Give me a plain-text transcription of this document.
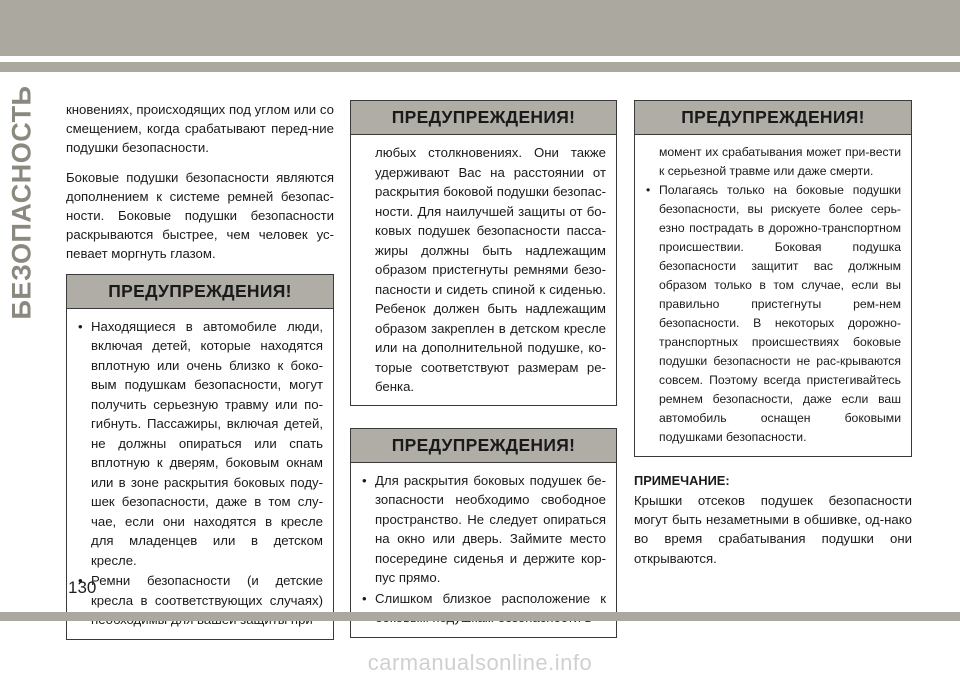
БЕЗОПАСНОСТЬ кновениях, происходящих под углом или со смещением, когда срабатывают перед-ние подушки безопасности.

Боковые подушки безопасности являются дополнением к системе ремней безопас-ности. Боковые подушки безопасности раскрываются быстрее, чем человек ус-певает моргнуть глазом.

ПРЕДУПРЕЖДЕНИЯ!
• Находящиеся в автомобиле люди, включая детей, которые находятся вплотную или очень близко к боко-вым подушкам безопасности, могут получить серьезную травму или по-гибнуть. Пассажиры, включая детей, не должны опираться или спать вплотную к дверям, боковым окнам или в зоне раскрытия боковых поду-шек безопасности, даже в том слу-чае, если они находятся в кресле для младенцев или в детском кресле.
• Ремни безопасности (и детские кресла в соответствующих случаях)
ПРЕДУПРЕЖДЕНИЯ!
любых столкновениях. Они также удерживают Вас на расстоянии от раскрытия боковой подушки безопас-ности. Для наилучшей защиты от бо-ковых подушек безопасности пасса-жиры должны быть надлежащим образом пристегнуты ремнями безо-пасности и сидеть спиной к сиденью. Ребенок должен быть надлежащим образом закреплен в детском кресле или на дополнительной подушке, ко-торые соответствуют размерам ре-бенка.
ПРЕДУПРЕЖДЕНИЯ!
• Для раскрытия боковых подушек бе-зопасности необходимо свободное пространство. Не следует опираться на окно или дверь. Займите место посередине сиденья и держите кор-пус прямо.
• Слишком близкое расположение к
ПРЕДУПРЕЖДЕНИЯ!
момент их срабатывания может при-вести к серьезной травме или даже смерти.
• Полагаясь только на боковые подушки безопасности, вы рискуете более серь-езно пострадать в дорожно-транспортном происшествии. Боковая подушка безопасности защитит вас должным образом только в том случае, если вы правильно пристегнуты рем-нем безопасности. В некоторых дорожно-транспортных происшествиях боковые подушки безопасности не рас-крываются совсем. Поэтому всегда пристегивайтесь ремнем безопасности, даже если ваш автомобиль оснащен боковыми подушками безопасности.
ПРИМЕЧАНИЕ:

Крышки отсеков подушек безопасности могут быть незаметными в обшивке, од-нако во время срабатывания подушки они открываются.

130
carmanualsonline.info
